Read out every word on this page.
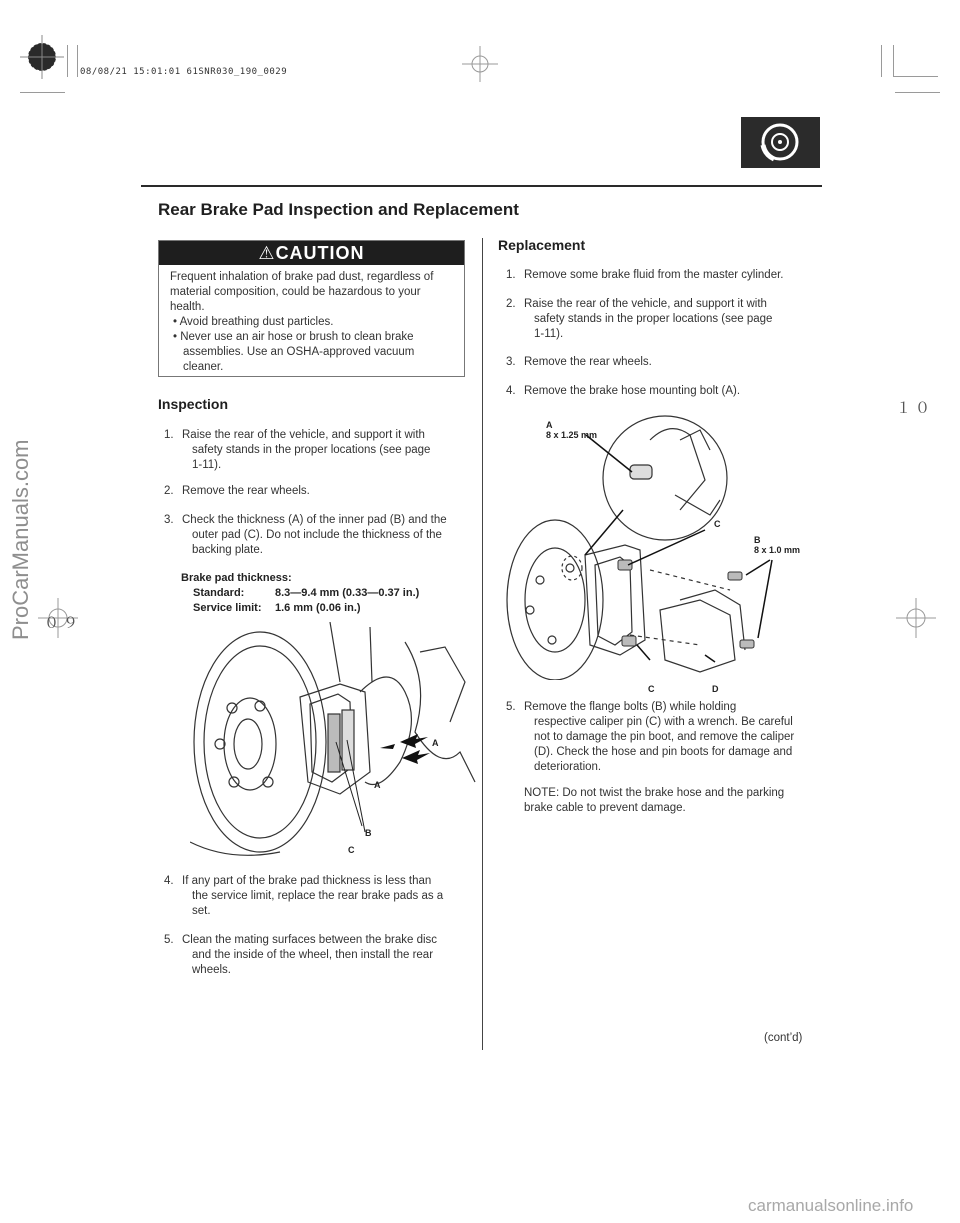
08/08/21 15:01:01 61SNR030_190_0029
０９
１０
ProCarManuals.com
carmanualsonline.info
Rear Brake Pad Inspection and Replacement
⚠CAUTION
Frequent inhalation of brake pad dust, regardless of
material composition, could be hazardous to your
health.
• Avoid breathing dust particles.
• Never use an air hose or brush to clean brake
assemblies. Use an OSHA-approved vacuum
cleaner.
Inspection
1. Raise the rear of the vehicle, and support it with
safety stands in the proper locations (see page
1-11).
2. Remove the rear wheels.
3. Check the thickness (A) of the inner pad (B) and the
outer pad (C). Do not include the thickness of the
backing plate.
Brake pad thickness:
Standard:	8.3—9.4 mm (0.33—0.37 in.)
Service limit:	1.6 mm (0.06 in.)
A
A
B
C
4. If any part of the brake pad thickness is less than
the service limit, replace the rear brake pads as a
set.
5. Clean the mating surfaces between the brake disc
and the inside of the wheel, then install the rear
wheels.
Replacement
1. Remove some brake fluid from the master cylinder.
2. Raise the rear of the vehicle, and support it with
safety stands in the proper locations (see page
1-11).
3. Remove the rear wheels.
4. Remove the brake hose mounting bolt (A).
A
8 x 1.25 mm
C
B
8 x 1.0 mm
C	D
5. Remove the flange bolts (B) while holding
respective caliper pin (C) with a wrench. Be careful
not to damage the pin boot, and remove the caliper
(D). Check the hose and pin boots for damage and
deterioration.
NOTE: Do not twist the brake hose and the parking
brake cable to prevent damage.
(cont’d)
